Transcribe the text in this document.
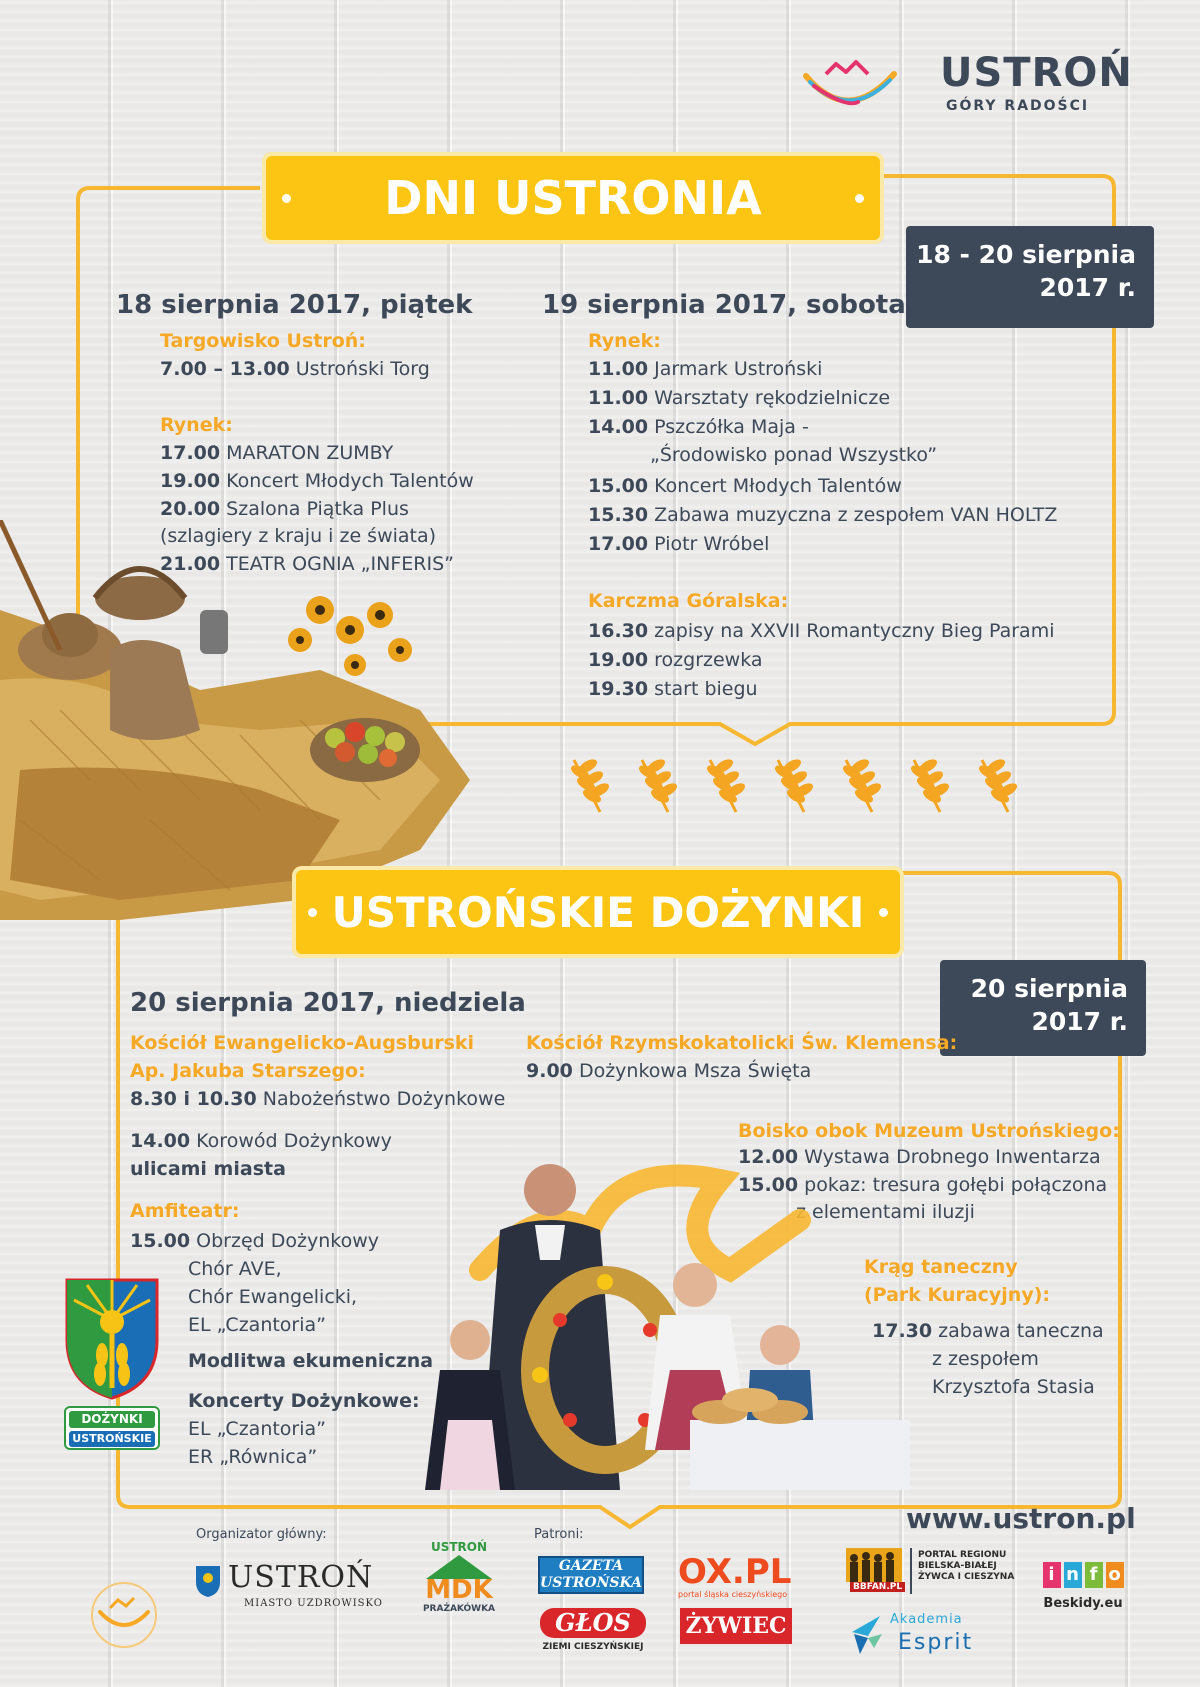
USTROŃ
GÓRY RADOŚCI
DNI USTRONIA
18 - 20 sierpnia
2017 r.
18 sierpnia 2017, piątek
Targowisko Ustroń:
7.00 – 13.00 Ustroński Torg
Rynek:
17.00 MARATON ZUMBY
19.00 Koncert Młodych Talentów
20.00 Szalona Piątka Plus
(szlagiery z kraju i ze świata)
21.00 TEATR OGNIA „INFERIS”
19 sierpnia 2017, sobota
Rynek:
11.00 Jarmark Ustroński
11.00 Warsztaty rękodzielnicze
14.00 Pszczółka Maja -
„Środowisko ponad Wszystko”
15.00 Koncert Młodych Talentów
15.30 Zabawa muzyczna z zespołem VAN HOLTZ
17.00 Piotr Wróbel
Karczma Góralska:
16.30 zapisy na XXVII Romantyczny Bieg Parami
19.00 rozgrzewka
19.30 start biegu
USTROŃSKIE DOŻYNKI
20 sierpnia
2017 r.
20 sierpnia 2017, niedziela
Kościół Ewangelicko-Augsburski
Ap. Jakuba Starszego:
8.30 i 10.30 Nabożeństwo Dożynkowe
14.00 Korowód Dożynkowy
ulicami miasta
Amfiteatr:
15.00 Obrzęd Dożynkowy
Chór AVE,
Chór Ewangelicki,
EL „Czantoria”
Modlitwa ekumeniczna
Koncerty Dożynkowe:
EL „Czantoria”
ER „Równica”
DOŻYNKI
USTROŃSKIE
Kościół Rzymskokatolicki Św. Klemensa:
9.00 Dożynkowa Msza Święta
Boisko obok Muzeum Ustrońskiego:
12.00 Wystawa Drobnego Inwentarza
15.00 pokaz: tresura gołębi połączona
z elementami iluzji
Krąg taneczny
(Park Kuracyjny):
17.30 zabawa taneczna
z zespołem
Krzysztofa Stasia
www.ustron.pl
Organizator główny:	Patroni:
USTROŃ
MIASTO UZDROWISKO
USTROŃ
MDK
PRAŻAKÓWKA
GAZETA
USTROŃSKA
GŁOS
ZIEMI CIESZYŃSKIEJ
OX.PL
portal śląska cieszyńskiego
ŻYWIEC
BBFAN.PL
PORTAL REGIONU
BIELSKA-BIAŁEJ
ŻYWCA I CIESZYNA
Akademia
Esprit
i n f o
Beskidy.eu
